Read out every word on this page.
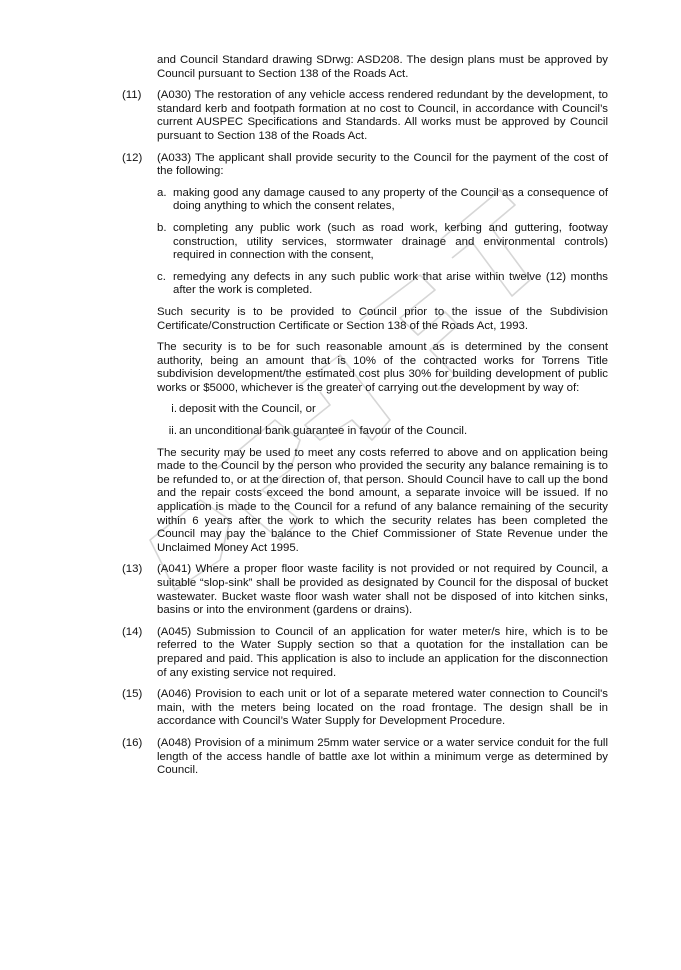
and Council Standard drawing SDrwg: ASD208. The design plans must be approved by Council pursuant to Section 138 of the Roads Act.

(11)	(A030) The restoration of any vehicle access rendered redundant by the development, to standard kerb and footpath formation at no cost to Council, in accordance with Council’s current AUSPEC Specifications and Standards. All works must be approved by Council pursuant to Section 138 of the Roads Act.

(12)	(A033) The applicant shall provide security to the Council for the payment of the cost of the following:

a. making good any damage caused to any property of the Council as a consequence of doing anything to which the consent relates,
b. completing any public work (such as road work, kerbing and guttering, footway construction, utility services, stormwater drainage and environmental controls) required in connection with the consent,
c. remedying any defects in any such public work that arise within twelve (12) months after the work is completed.

Such security is to be provided to Council prior to the issue of the Subdivision Certificate/Construction Certificate or Section 138 of the Roads Act, 1993.

The security is to be for such reasonable amount as is determined by the consent authority, being an amount that is 10% of the contracted works for Torrens Title subdivision development/the estimated cost plus 30% for building development of public works or $5000, whichever is the greater of carrying out the development by way of:

i. deposit with the Council, or
ii. an unconditional bank guarantee in favour of the Council.

The security may be used to meet any costs referred to above and on application being made to the Council by the person who provided the security any balance remaining is to be refunded to, or at the direction of, that person. Should Council have to call up the bond and the repair costs exceed the bond amount, a separate invoice will be issued. If no application is made to the Council for a refund of any balance remaining of the security within 6 years after the work to which the security relates has been completed the Council may pay the balance to the Chief Commissioner of State Revenue under the Unclaimed Money Act 1995.

(13)	(A041) Where a proper floor waste facility is not provided or not required by Council, a suitable “slop-sink” shall be provided as designated by Council for the disposal of bucket wastewater. Bucket waste floor wash water shall not be disposed of into kitchen sinks, basins or into the environment (gardens or drains).

(14)	(A045) Submission to Council of an application for water meter/s hire, which is to be referred to the Water Supply section so that a quotation for the installation can be prepared and paid. This application is also to include an application for the disconnection of any existing service not required.

(15)	(A046) Provision to each unit or lot of a separate metered water connection to Council's main, with the meters being located on the road frontage. The design shall be in accordance with Council’s Water Supply for Development Procedure.

(16)	(A048) Provision of a minimum 25mm water service or a water service conduit for the full length of the access handle of battle axe lot within a minimum verge as determined by Council.
